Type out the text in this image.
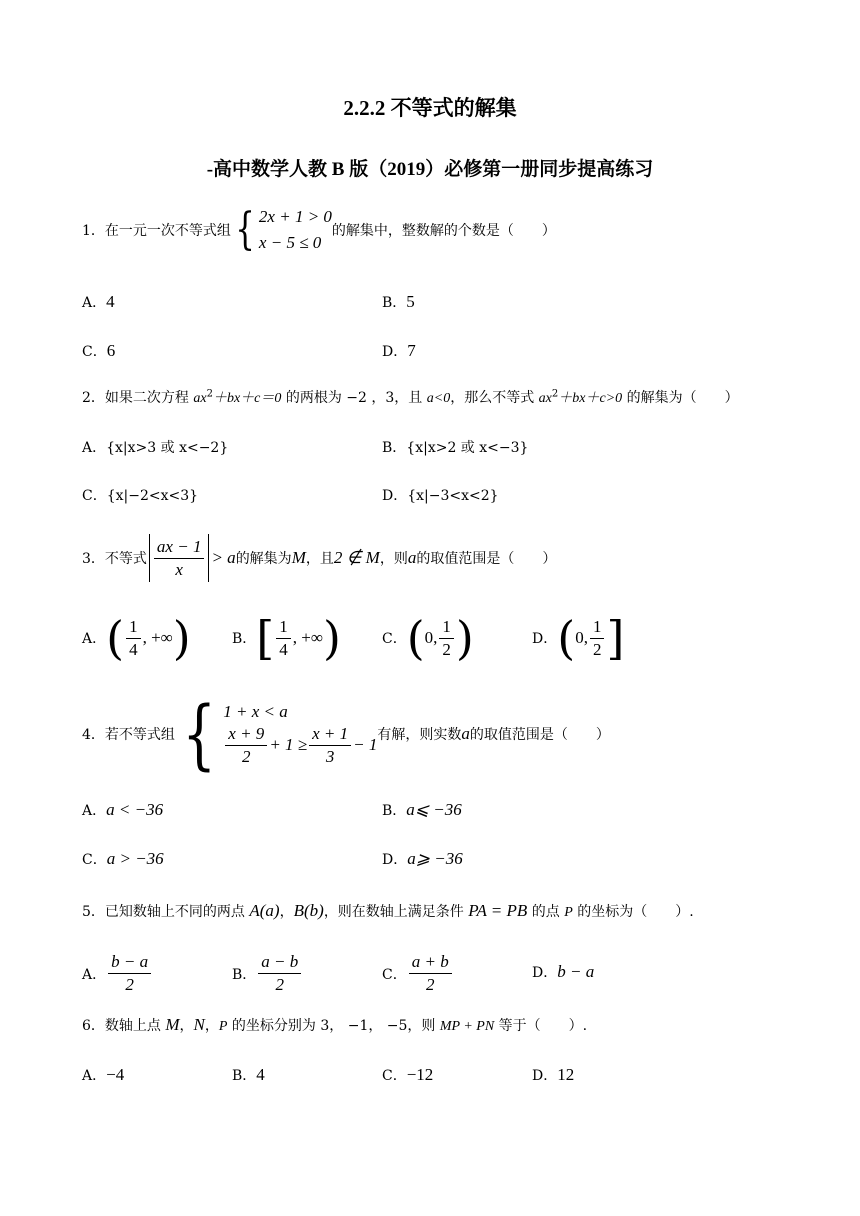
2.2.2 不等式的解集
-高中数学人教 B 版（2019）必修第一册同步提高练习
1． 在一元一次不等式组 { 2x + 1 > 0
x − 5 ≤ 0
的解集中，整数解的个数是（　　）
A．4	B．5
C．6	D．7
2．如果二次方程 $ax^2+bx+c=0$ 的两根为 −2 ，3，且 a<0，那么不等式 $ax^2+bx+c>0$ 的解集为（　　）
A．{x|x>3 或 x<−2}	B．{x|x>2 或 x<−3}
C．{x|−2<x<3}	D．{x|−3<x<2}
3． 不等式 $\frac{ax - 1}{x} > a$ 的解集为 M ，且 2 ∉ M ，则 a 的取值范围是（　　）
A． ( $\frac{1}{4}$ , +∞ )	B． [ $\frac{1}{4}$ , +∞ )	C． ( 0, $\frac{1}{2}$ )	D． ( 0, $\frac{1}{2}$ ]
4． 若不等式组 { 1 + x < a
$\frac{x + 9}{2} + 1 \ge \frac{x + 1}{3} - 1$ 有解，则实数 a 的取值范围是（　　）
A．a < −36	B．a⩽ −36
C．a > −36	D．a⩾ −36
5．已知数轴上不同的两点 A(a)，B(b)，则在数轴上满足条件 PA = PB 的点 P 的坐标为（　　）.
A． $\frac{b - a}{2}$	B． $\frac{a - b}{2}$	C． $\frac{a + b}{2}$	D．b − a
6．数轴上点 M，N，P 的坐标分别为 3， −1， −5，则 MP + PN 等于（　　）.
A．−4	B．4	C．−12	D．12
